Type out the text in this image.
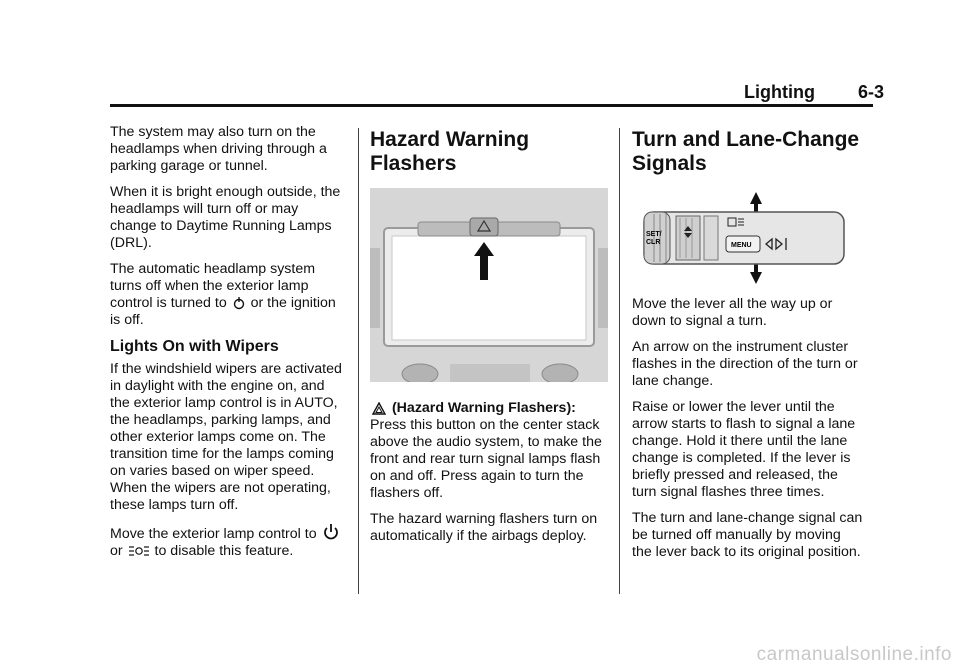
Lighting 6-3

The system may also turn on the headlamps when driving through a parking garage or tunnel.

When it is bright enough outside, the headlamps will turn off or may change to Daytime Running Lamps (DRL).

The automatic headlamp system turns off when the exterior lamp control is turned to or the ignition is off.

Lights On with Wipers

If the windshield wipers are activated in daylight with the engine on, and the exterior lamp control is in AUTO, the headlamps, parking lamps, and other exterior lamps come on. The transition time for the lamps coming on varies based on wiper speed. When the wipers are not operating, these lamps turn off.

Move the exterior lamp control to
or to disable this feature.

Hazard Warning Flashers

(Hazard Warning Flashers): Press this button on the center stack above the audio system, to make the front and rear turn signal lamps flash on and off. Press again to turn the flashers off.

The hazard warning flashers turn on automatically if the airbags deploy.

Turn and Lane-Change Signals
SET/
CLR	MENU

Move the lever all the way up or down to signal a turn.

An arrow on the instrument cluster flashes in the direction of the turn or lane change.

Raise or lower the lever until the arrow starts to flash to signal a lane change. Hold it there until the lane change is completed. If the lever is briefly pressed and released, the turn signal flashes three times.

The turn and lane-change signal can be turned off manually by moving the lever back to its original position.

carmanualsonline.info
